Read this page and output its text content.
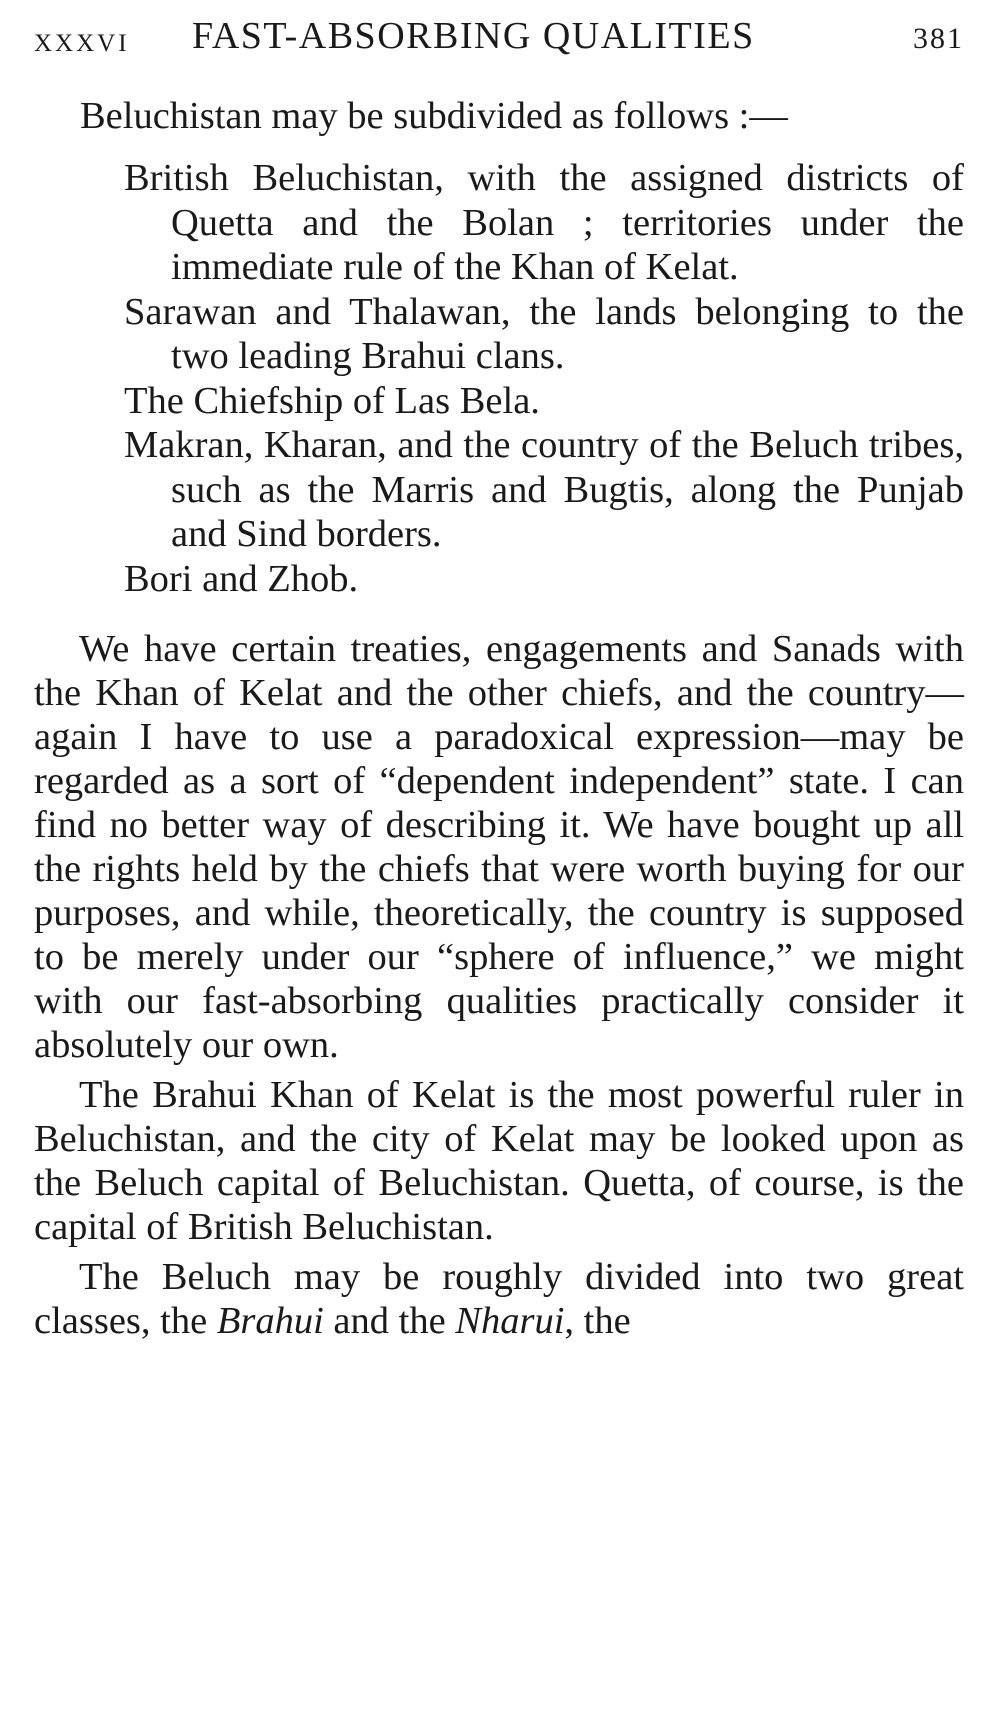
XXXVI FAST-ABSORBING QUALITIES	381

Beluchistan may be subdivided as follows :—

British Beluchistan, with the assigned districts of Quetta and the Bolan ; territories under the immediate rule of the Khan of Kelat.
Sarawan and Thalawan, the lands belonging to the two leading Brahui clans.
The Chiefship of Las Bela.
Makran, Kharan, and the country of the Beluch tribes, such as the Marris and Bugtis, along the Punjab and Sind borders.
Bori and Zhob.

We have certain treaties, engagements and Sanads with the Khan of Kelat and the other chiefs, and the country—again I have to use a paradoxical expression—may be regarded as a sort of “dependent independent” state. I can find no better way of describing it. We have bought up all the rights held by the chiefs that were worth buying for our purposes, and while, theoretically, the country is supposed to be merely under our “sphere of influence,” we might with our fast-absorbing qualities practically consider it absolutely our own.

The Brahui Khan of Kelat is the most powerful ruler in Beluchistan, and the city of Kelat may be looked upon as the Beluch capital of Beluchistan. Quetta, of course, is the capital of British Beluchistan.

The Beluch may be roughly divided into two great classes, the Brahui and the Nharui, the
